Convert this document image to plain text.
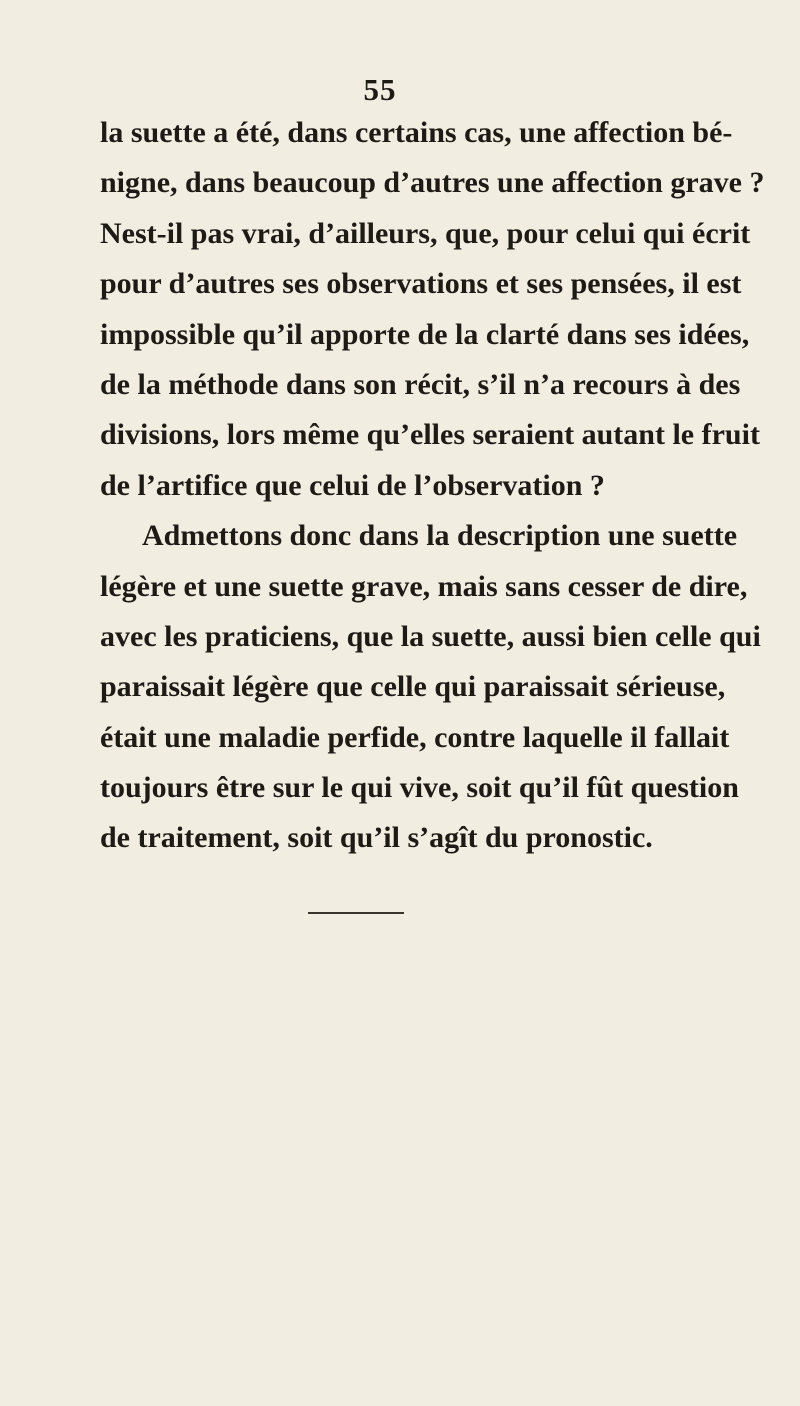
55
la suette a été, dans certains cas, une affection bé-
nigne, dans beaucoup d’autres une affection grave ?
Nest-il pas vrai, d’ailleurs, que, pour celui qui écrit
pour d’autres ses observations et ses pensées, il est
impossible qu’il apporte de la clarté dans ses idées,
de la méthode dans son récit, s’il n’a recours à des
divisions, lors même qu’elles seraient autant le fruit
de l’artifice que celui de l’observation ?
Admettons donc dans la description une suette
légère et une suette grave, mais sans cesser de dire,
avec les praticiens, que la suette, aussi bien celle qui
paraissait légère que celle qui paraissait sérieuse,
était une maladie perfide, contre laquelle il fallait
toujours être sur le qui vive, soit qu’il fût question
de traitement, soit qu’il s’agît du pronostic.
